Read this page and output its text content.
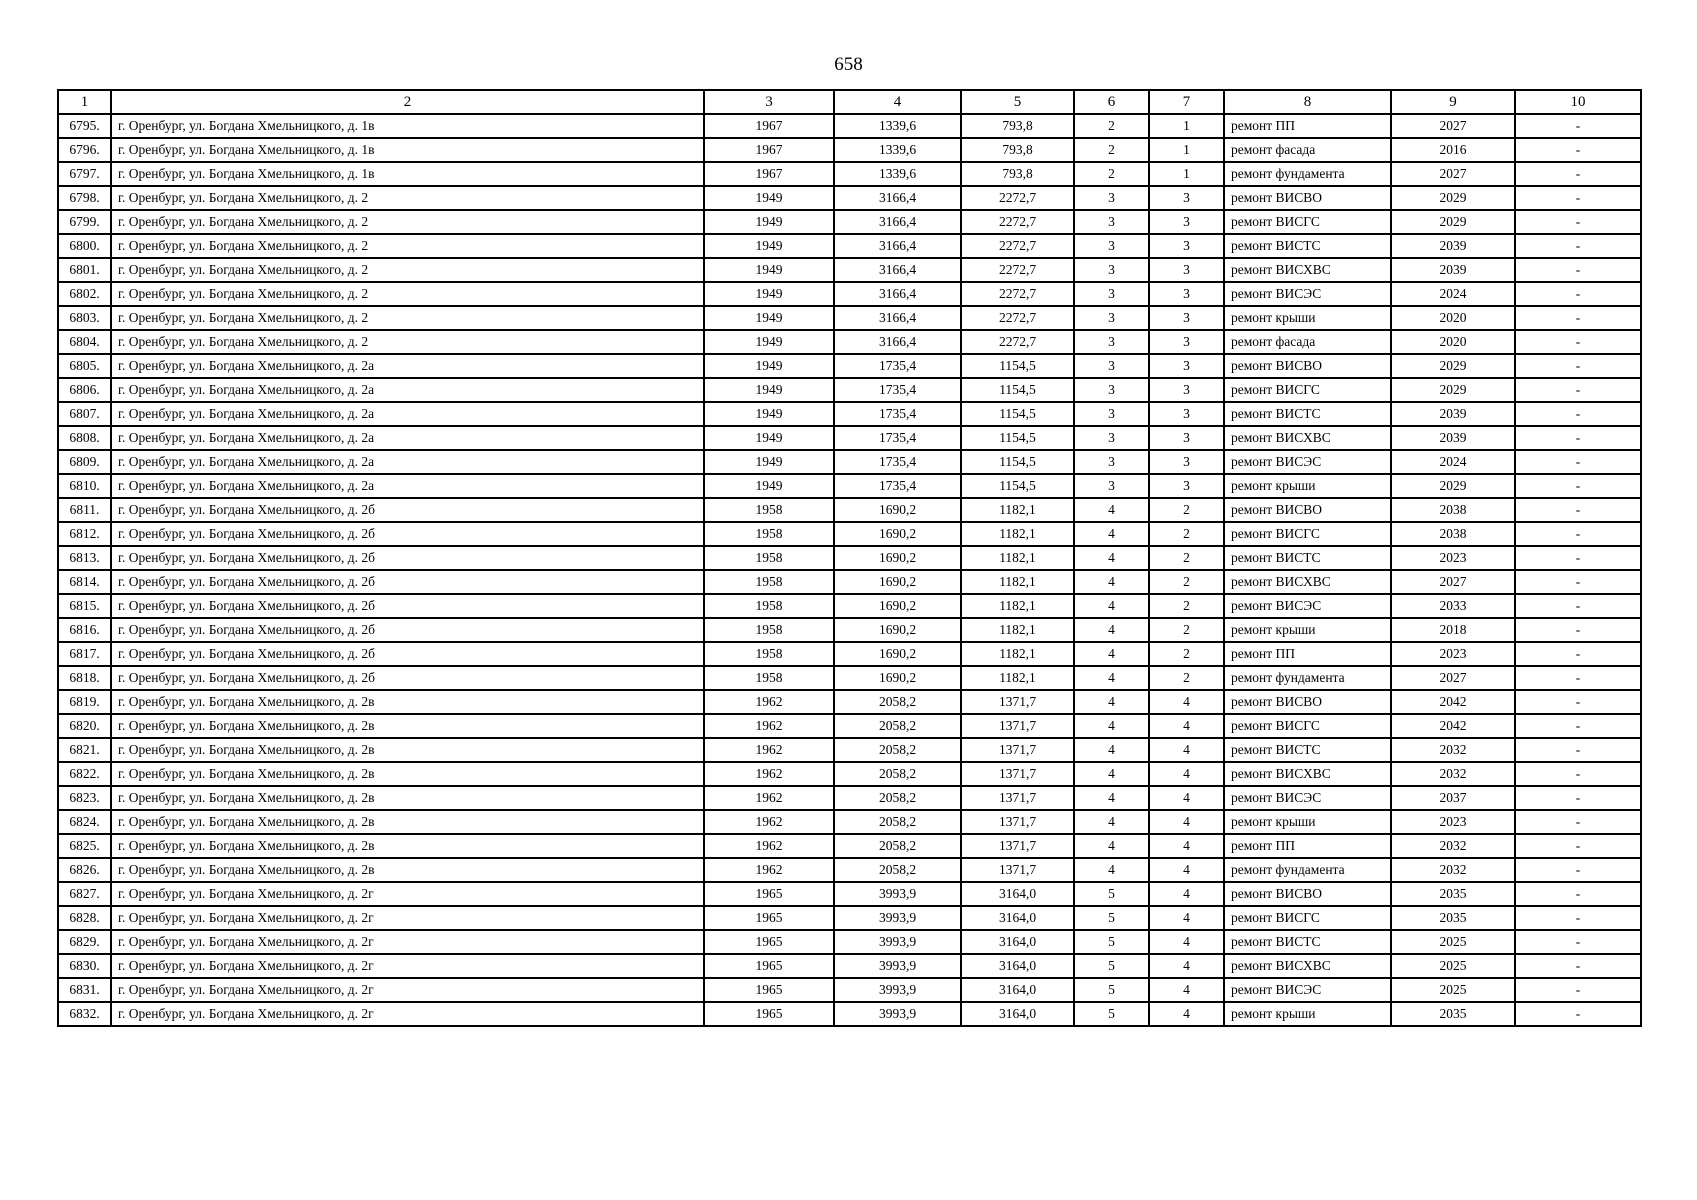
658
1	2	3	4	5	6	7	8	9	10
6795.	г. Оренбург, ул. Богдана Хмельницкого, д. 1в	1967	1339,6	793,8	2	1	ремонт ПП	2027	-
6796.	г. Оренбург, ул. Богдана Хмельницкого, д. 1в	1967	1339,6	793,8	2	1	ремонт фасада	2016	-
6797.	г. Оренбург, ул. Богдана Хмельницкого, д. 1в	1967	1339,6	793,8	2	1	ремонт фундамента	2027	-
6798.	г. Оренбург, ул. Богдана Хмельницкого, д. 2	1949	3166,4	2272,7	3	3	ремонт ВИСВО	2029	-
6799.	г. Оренбург, ул. Богдана Хмельницкого, д. 2	1949	3166,4	2272,7	3	3	ремонт ВИСГС	2029	-
6800.	г. Оренбург, ул. Богдана Хмельницкого, д. 2	1949	3166,4	2272,7	3	3	ремонт ВИСТС	2039	-
6801.	г. Оренбург, ул. Богдана Хмельницкого, д. 2	1949	3166,4	2272,7	3	3	ремонт ВИСХВС	2039	-
6802.	г. Оренбург, ул. Богдана Хмельницкого, д. 2	1949	3166,4	2272,7	3	3	ремонт ВИСЭС	2024	-
6803.	г. Оренбург, ул. Богдана Хмельницкого, д. 2	1949	3166,4	2272,7	3	3	ремонт крыши	2020	-
6804.	г. Оренбург, ул. Богдана Хмельницкого, д. 2	1949	3166,4	2272,7	3	3	ремонт фасада	2020	-
6805.	г. Оренбург, ул. Богдана Хмельницкого, д. 2а	1949	1735,4	1154,5	3	3	ремонт ВИСВО	2029	-
6806.	г. Оренбург, ул. Богдана Хмельницкого, д. 2а	1949	1735,4	1154,5	3	3	ремонт ВИСГС	2029	-
6807.	г. Оренбург, ул. Богдана Хмельницкого, д. 2а	1949	1735,4	1154,5	3	3	ремонт ВИСТС	2039	-
6808.	г. Оренбург, ул. Богдана Хмельницкого, д. 2а	1949	1735,4	1154,5	3	3	ремонт ВИСХВС	2039	-
6809.	г. Оренбург, ул. Богдана Хмельницкого, д. 2а	1949	1735,4	1154,5	3	3	ремонт ВИСЭС	2024	-
6810.	г. Оренбург, ул. Богдана Хмельницкого, д. 2а	1949	1735,4	1154,5	3	3	ремонт крыши	2029	-
6811.	г. Оренбург, ул. Богдана Хмельницкого, д. 2б	1958	1690,2	1182,1	4	2	ремонт ВИСВО	2038	-
6812.	г. Оренбург, ул. Богдана Хмельницкого, д. 2б	1958	1690,2	1182,1	4	2	ремонт ВИСГС	2038	-
6813.	г. Оренбург, ул. Богдана Хмельницкого, д. 2б	1958	1690,2	1182,1	4	2	ремонт ВИСТС	2023	-
6814.	г. Оренбург, ул. Богдана Хмельницкого, д. 2б	1958	1690,2	1182,1	4	2	ремонт ВИСХВС	2027	-
6815.	г. Оренбург, ул. Богдана Хмельницкого, д. 2б	1958	1690,2	1182,1	4	2	ремонт ВИСЭС	2033	-
6816.	г. Оренбург, ул. Богдана Хмельницкого, д. 2б	1958	1690,2	1182,1	4	2	ремонт крыши	2018	-
6817.	г. Оренбург, ул. Богдана Хмельницкого, д. 2б	1958	1690,2	1182,1	4	2	ремонт ПП	2023	-
6818.	г. Оренбург, ул. Богдана Хмельницкого, д. 2б	1958	1690,2	1182,1	4	2	ремонт фундамента	2027	-
6819.	г. Оренбург, ул. Богдана Хмельницкого, д. 2в	1962	2058,2	1371,7	4	4	ремонт ВИСВО	2042	-
6820.	г. Оренбург, ул. Богдана Хмельницкого, д. 2в	1962	2058,2	1371,7	4	4	ремонт ВИСГС	2042	-
6821.	г. Оренбург, ул. Богдана Хмельницкого, д. 2в	1962	2058,2	1371,7	4	4	ремонт ВИСТС	2032	-
6822.	г. Оренбург, ул. Богдана Хмельницкого, д. 2в	1962	2058,2	1371,7	4	4	ремонт ВИСХВС	2032	-
6823.	г. Оренбург, ул. Богдана Хмельницкого, д. 2в	1962	2058,2	1371,7	4	4	ремонт ВИСЭС	2037	-
6824.	г. Оренбург, ул. Богдана Хмельницкого, д. 2в	1962	2058,2	1371,7	4	4	ремонт крыши	2023	-
6825.	г. Оренбург, ул. Богдана Хмельницкого, д. 2в	1962	2058,2	1371,7	4	4	ремонт ПП	2032	-
6826.	г. Оренбург, ул. Богдана Хмельницкого, д. 2в	1962	2058,2	1371,7	4	4	ремонт фундамента	2032	-
6827.	г. Оренбург, ул. Богдана Хмельницкого, д. 2г	1965	3993,9	3164,0	5	4	ремонт ВИСВО	2035	-
6828.	г. Оренбург, ул. Богдана Хмельницкого, д. 2г	1965	3993,9	3164,0	5	4	ремонт ВИСГС	2035	-
6829.	г. Оренбург, ул. Богдана Хмельницкого, д. 2г	1965	3993,9	3164,0	5	4	ремонт ВИСТС	2025	-
6830.	г. Оренбург, ул. Богдана Хмельницкого, д. 2г	1965	3993,9	3164,0	5	4	ремонт ВИСХВС	2025	-
6831.	г. Оренбург, ул. Богдана Хмельницкого, д. 2г	1965	3993,9	3164,0	5	4	ремонт ВИСЭС	2025	-
6832.	г. Оренбург, ул. Богдана Хмельницкого, д. 2г	1965	3993,9	3164,0	5	4	ремонт крыши	2035	-
